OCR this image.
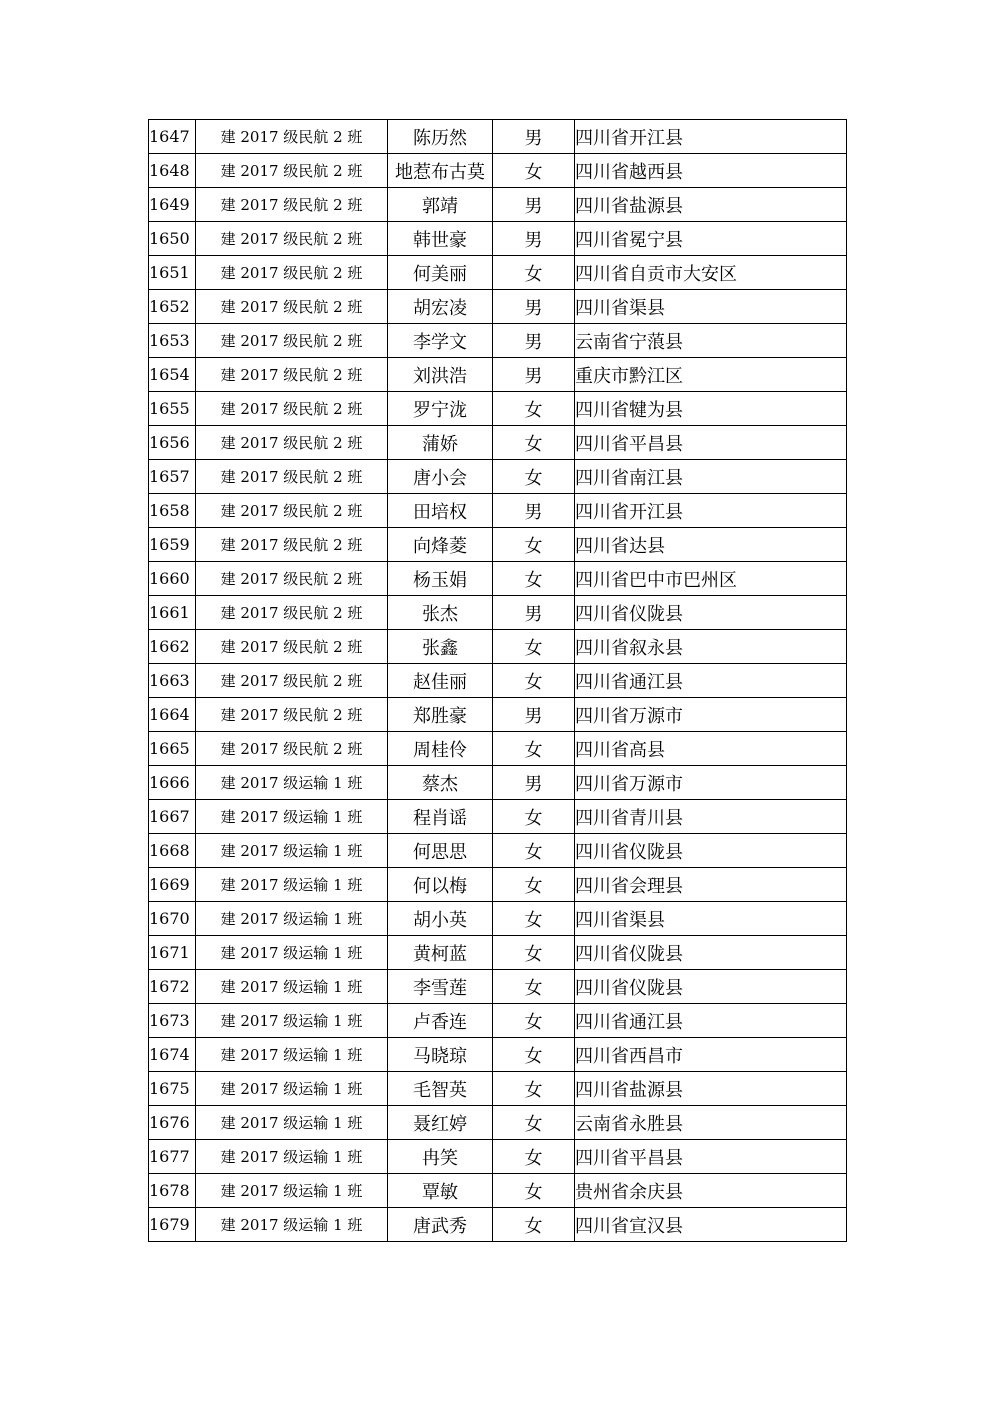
1647	建 2017 级民航 2 班	陈历然	男	四川省开江县
1648	建 2017 级民航 2 班	地惹布古莫	女	四川省越西县
1649	建 2017 级民航 2 班	郭靖	男	四川省盐源县
1650	建 2017 级民航 2 班	韩世豪	男	四川省冕宁县
1651	建 2017 级民航 2 班	何美丽	女	四川省自贡市大安区
1652	建 2017 级民航 2 班	胡宏凌	男	四川省渠县
1653	建 2017 级民航 2 班	李学文	男	云南省宁蒗县
1654	建 2017 级民航 2 班	刘洪浩	男	重庆市黔江区
1655	建 2017 级民航 2 班	罗宁泷	女	四川省犍为县
1656	建 2017 级民航 2 班	蒲娇	女	四川省平昌县
1657	建 2017 级民航 2 班	唐小会	女	四川省南江县
1658	建 2017 级民航 2 班	田培权	男	四川省开江县
1659	建 2017 级民航 2 班	向烽菱	女	四川省达县
1660	建 2017 级民航 2 班	杨玉娟	女	四川省巴中市巴州区
1661	建 2017 级民航 2 班	张杰	男	四川省仪陇县
1662	建 2017 级民航 2 班	张鑫	女	四川省叙永县
1663	建 2017 级民航 2 班	赵佳丽	女	四川省通江县
1664	建 2017 级民航 2 班	郑胜豪	男	四川省万源市
1665	建 2017 级民航 2 班	周桂伶	女	四川省高县
1666	建 2017 级运输 1 班	蔡杰	男	四川省万源市
1667	建 2017 级运输 1 班	程肖谣	女	四川省青川县
1668	建 2017 级运输 1 班	何思思	女	四川省仪陇县
1669	建 2017 级运输 1 班	何以梅	女	四川省会理县
1670	建 2017 级运输 1 班	胡小英	女	四川省渠县
1671	建 2017 级运输 1 班	黄柯蓝	女	四川省仪陇县
1672	建 2017 级运输 1 班	李雪莲	女	四川省仪陇县
1673	建 2017 级运输 1 班	卢香连	女	四川省通江县
1674	建 2017 级运输 1 班	马晓琼	女	四川省西昌市
1675	建 2017 级运输 1 班	毛智英	女	四川省盐源县
1676	建 2017 级运输 1 班	聂红婷	女	云南省永胜县
1677	建 2017 级运输 1 班	冉笑	女	四川省平昌县
1678	建 2017 级运输 1 班	覃敏	女	贵州省余庆县
1679	建 2017 级运输 1 班	唐武秀	女	四川省宣汉县
